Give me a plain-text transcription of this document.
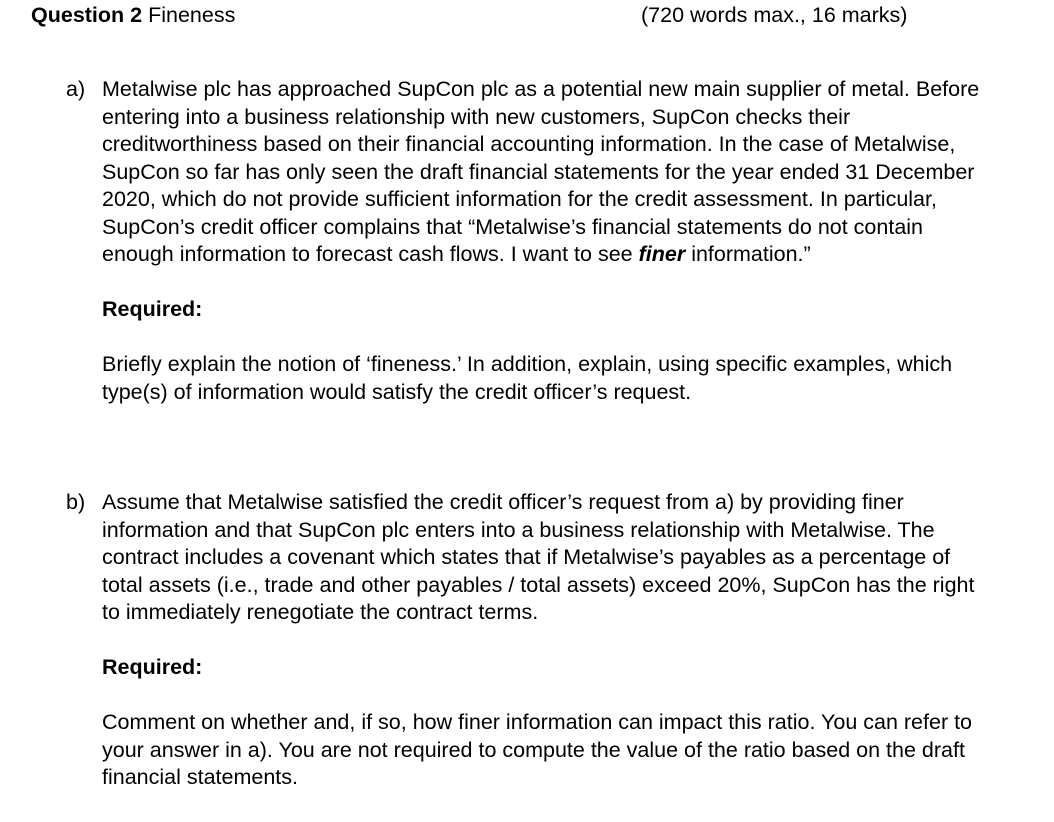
Question 2 Fineness	(720 words max., 16 marks)
a) Metalwise plc has approached SupCon plc as a potential new main supplier of metal. Before entering into a business relationship with new customers, SupCon checks their creditworthiness based on their financial accounting information. In the case of Metalwise, SupCon so far has only seen the draft financial statements for the year ended 31 December 2020, which do not provide sufficient information for the credit assessment. In particular, SupCon’s credit officer complains that “Metalwise’s financial statements do not contain enough information to forecast cash flows. I want to see finer information.”

Required:

Briefly explain the notion of ‘fineness.’ In addition, explain, using specific examples, which type(s) of information would satisfy the credit officer’s request.

b) Assume that Metalwise satisfied the credit officer’s request from a) by providing finer information and that SupCon plc enters into a business relationship with Metalwise. The contract includes a covenant which states that if Metalwise’s payables as a percentage of total assets (i.e., trade and other payables / total assets) exceed 20%, SupCon has the right to immediately renegotiate the contract terms.

Required:

Comment on whether and, if so, how finer information can impact this ratio. You can refer to your answer in a). You are not required to compute the value of the ratio based on the draft financial statements.
